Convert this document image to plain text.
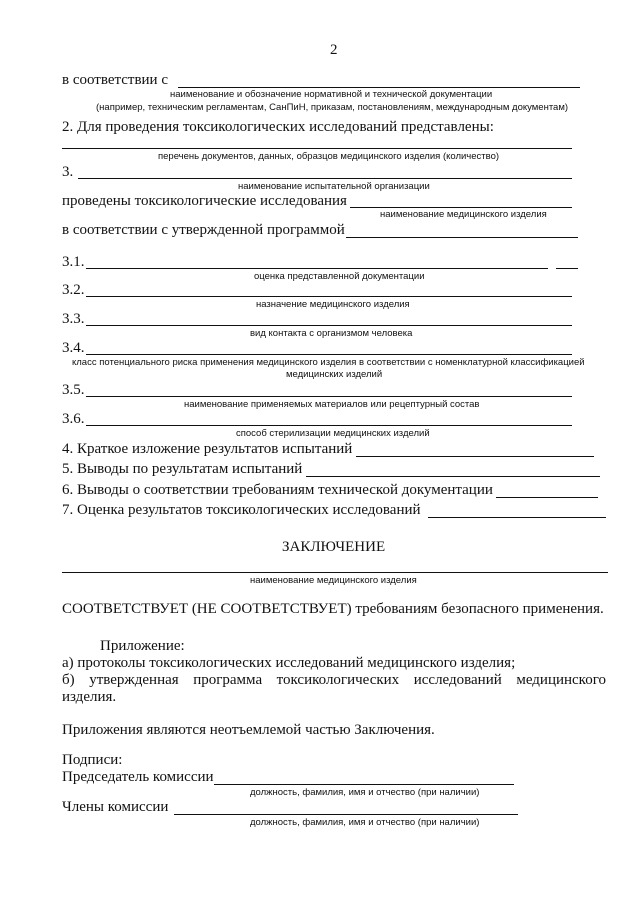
2
в соответствии с
наименование и обозначение нормативной и технической документации
(например, техническим регламентам, СанПиН, приказам, постановлениям, международным документам)
2. Для проведения токсикологических исследований представлены:
перечень документов, данных, образцов медицинского изделия (количество)
3.
наименование испытательной организации
проведены токсикологические исследования
наименование медицинского изделия
в соответствии с утвержденной программой
3.1.
оценка представленной документации
3.2.
назначение медицинского изделия
3.3.
вид контакта с организмом человека
3.4.
класс потенциального риска применения медицинского изделия в соответствии с номенклатурной классификацией
медицинских изделий
3.5.
наименование применяемых материалов или рецептурный состав
3.6.
способ стерилизации медицинских изделий
4. Краткое изложение результатов испытаний
5. Выводы по результатам испытаний
6. Выводы о соответствии требованиям технической документации
7. Оценка результатов токсикологических исследований
ЗАКЛЮЧЕНИЕ
наименование медицинского изделия
СООТВЕТСТВУЕТ (НЕ СООТВЕТСТВУЕТ) требованиям безопасного применения.
Приложение:
а) протоколы токсикологических исследований медицинского изделия;
б) утвержденная программа токсикологических исследований медицинского
изделия.
Приложения являются неотъемлемой частью Заключения.
Подписи:
Председатель комиссии
должность, фамилия, имя и отчество (при наличии)
Члены комиссии
должность, фамилия, имя и отчество (при наличии)
